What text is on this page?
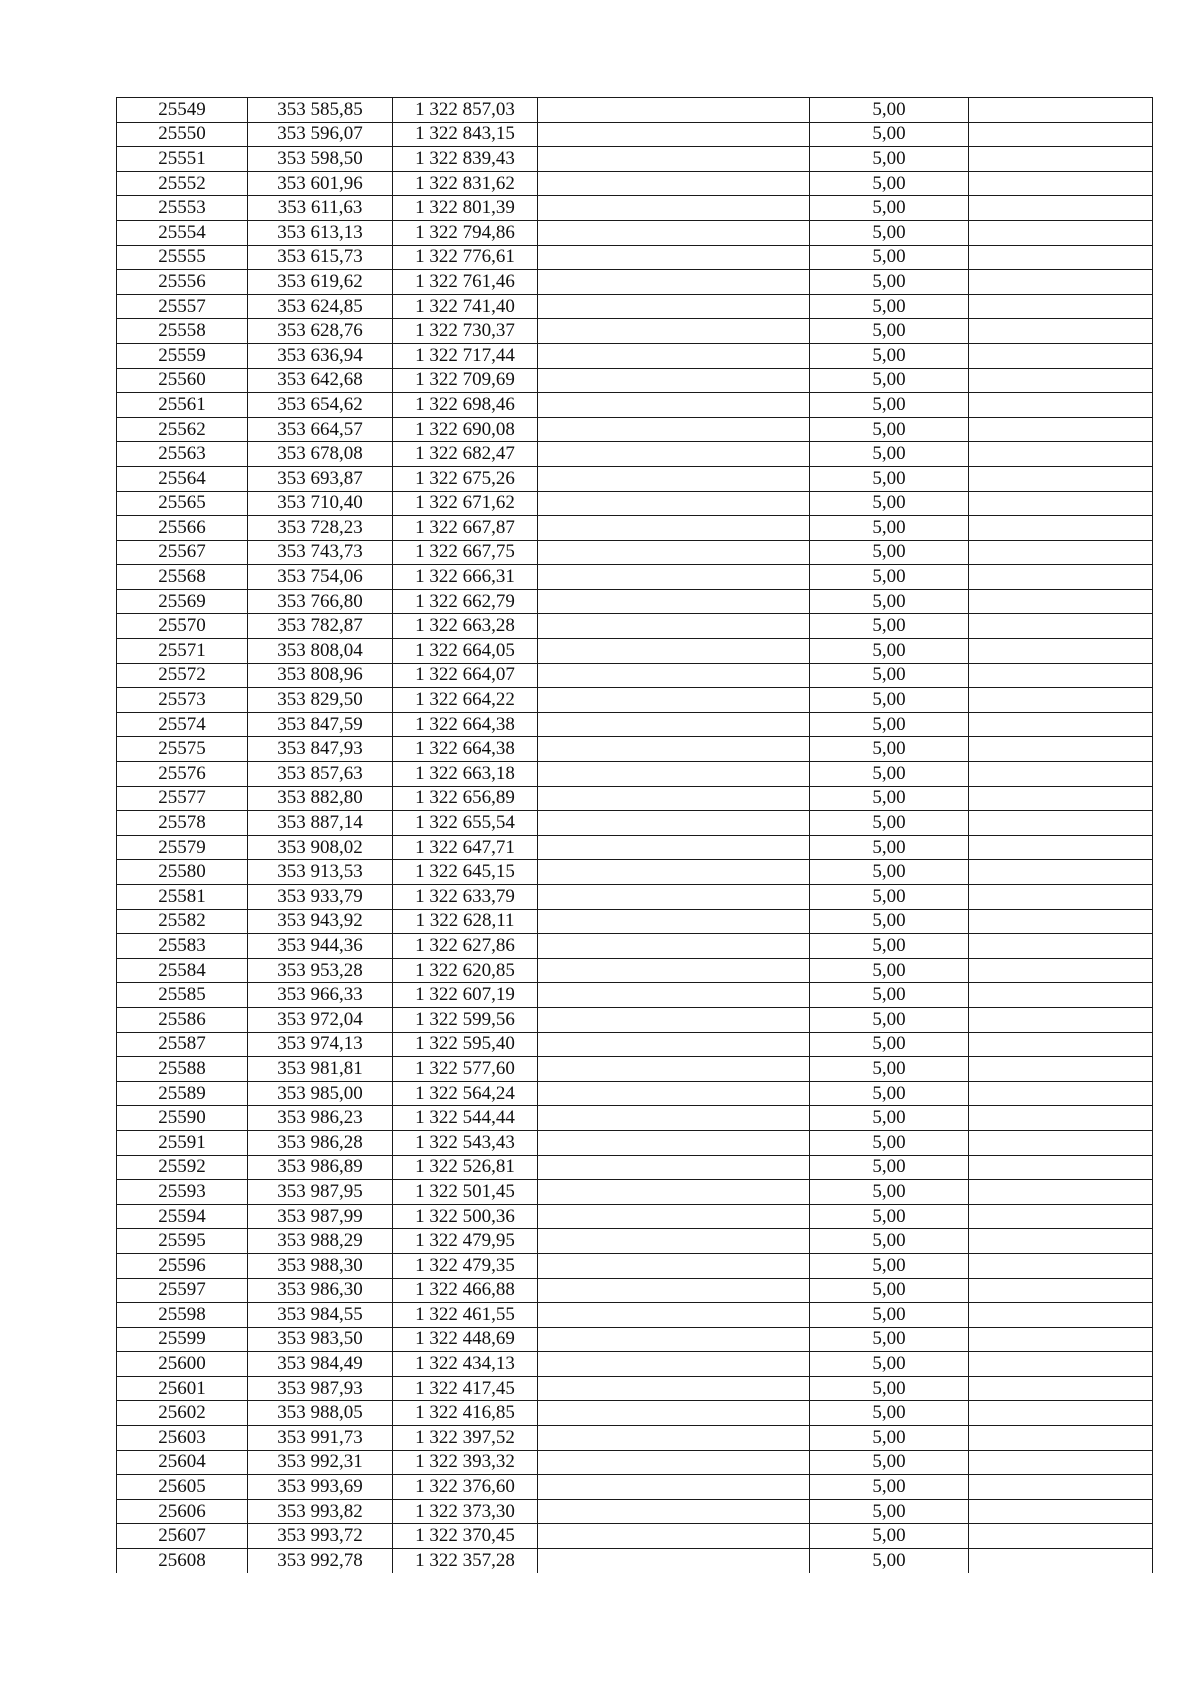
25549	353 585,85	1 322 857,03		5,00	
25550	353 596,07	1 322 843,15		5,00	
25551	353 598,50	1 322 839,43		5,00	
25552	353 601,96	1 322 831,62		5,00	
25553	353 611,63	1 322 801,39		5,00	
25554	353 613,13	1 322 794,86		5,00	
25555	353 615,73	1 322 776,61		5,00	
25556	353 619,62	1 322 761,46		5,00	
25557	353 624,85	1 322 741,40		5,00	
25558	353 628,76	1 322 730,37		5,00	
25559	353 636,94	1 322 717,44		5,00	
25560	353 642,68	1 322 709,69		5,00	
25561	353 654,62	1 322 698,46		5,00	
25562	353 664,57	1 322 690,08		5,00	
25563	353 678,08	1 322 682,47		5,00	
25564	353 693,87	1 322 675,26		5,00	
25565	353 710,40	1 322 671,62		5,00	
25566	353 728,23	1 322 667,87		5,00	
25567	353 743,73	1 322 667,75		5,00	
25568	353 754,06	1 322 666,31		5,00	
25569	353 766,80	1 322 662,79		5,00	
25570	353 782,87	1 322 663,28		5,00	
25571	353 808,04	1 322 664,05		5,00	
25572	353 808,96	1 322 664,07		5,00	
25573	353 829,50	1 322 664,22		5,00	
25574	353 847,59	1 322 664,38		5,00	
25575	353 847,93	1 322 664,38		5,00	
25576	353 857,63	1 322 663,18		5,00	
25577	353 882,80	1 322 656,89		5,00	
25578	353 887,14	1 322 655,54		5,00	
25579	353 908,02	1 322 647,71		5,00	
25580	353 913,53	1 322 645,15		5,00	
25581	353 933,79	1 322 633,79		5,00	
25582	353 943,92	1 322 628,11		5,00	
25583	353 944,36	1 322 627,86		5,00	
25584	353 953,28	1 322 620,85		5,00	
25585	353 966,33	1 322 607,19		5,00	
25586	353 972,04	1 322 599,56		5,00	
25587	353 974,13	1 322 595,40		5,00	
25588	353 981,81	1 322 577,60		5,00	
25589	353 985,00	1 322 564,24		5,00	
25590	353 986,23	1 322 544,44		5,00	
25591	353 986,28	1 322 543,43		5,00	
25592	353 986,89	1 322 526,81		5,00	
25593	353 987,95	1 322 501,45		5,00	
25594	353 987,99	1 322 500,36		5,00	
25595	353 988,29	1 322 479,95		5,00	
25596	353 988,30	1 322 479,35		5,00	
25597	353 986,30	1 322 466,88		5,00	
25598	353 984,55	1 322 461,55		5,00	
25599	353 983,50	1 322 448,69		5,00	
25600	353 984,49	1 322 434,13		5,00	
25601	353 987,93	1 322 417,45		5,00	
25602	353 988,05	1 322 416,85		5,00	
25603	353 991,73	1 322 397,52		5,00	
25604	353 992,31	1 322 393,32		5,00	
25605	353 993,69	1 322 376,60		5,00	
25606	353 993,82	1 322 373,30		5,00	
25607	353 993,72	1 322 370,45		5,00	
25608	353 992,78	1 322 357,28		5,00	
